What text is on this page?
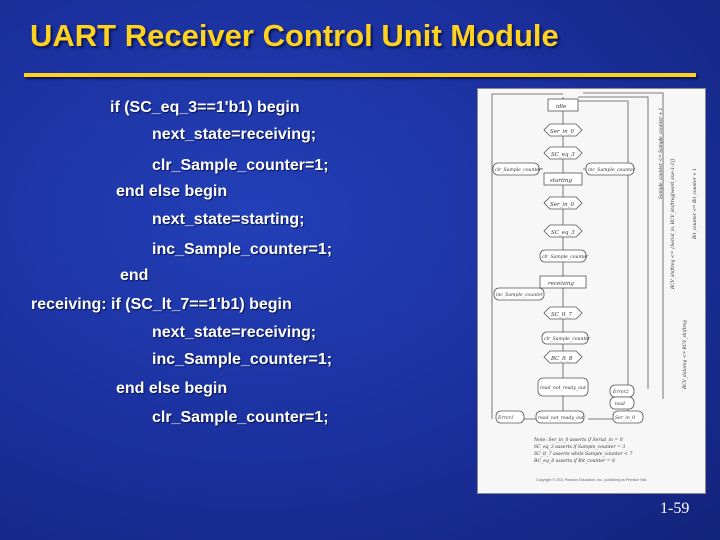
UART Receiver Control Unit Module
if (SC_eq_3==1'b1) begin
next_state=receiving;
clr_Sample_counter=1;
end else begin
next_state=starting;
inc_Sample_counter=1;
end
receiving: if (SC_lt_7==1'b1) begin
next_state=receiving;
inc_Sample_counter=1;
end else begin
clr_Sample_counter=1;
idle
starting
receiving
Ser_in_0
SC_eq_3
Ser_in_0
SC_eq_3
SC_lt_7
BC_lt_8
clr_Sample_counter	inc_Sample_counter
clr_Sample_counter
inc_Sample_counter
clr_Sample_counter
read_not_ready_out
Error2
load
Error1	read_not_ready_out	Ser_in_0
Sample_counter <= Sample_counter + 1
RCV_shiftreg <= {Serial_in, RCV_shiftreg[word_size-1:1]}
RCV_datareg <= RCV_shiftreg
Bit_counter <= Bit_counter + 1
Note: Ser_in_0 asserts if Serial_in = 0
SC_eq_3 asserts if Sample_counter = 3
SC_lt_7 asserts while Sample_counter < 7
BC_eq_8 asserts if Bit_counter = 8
Copyright © 2011 Pearson Education, Inc. publishing as Prentice Hall
1-59
